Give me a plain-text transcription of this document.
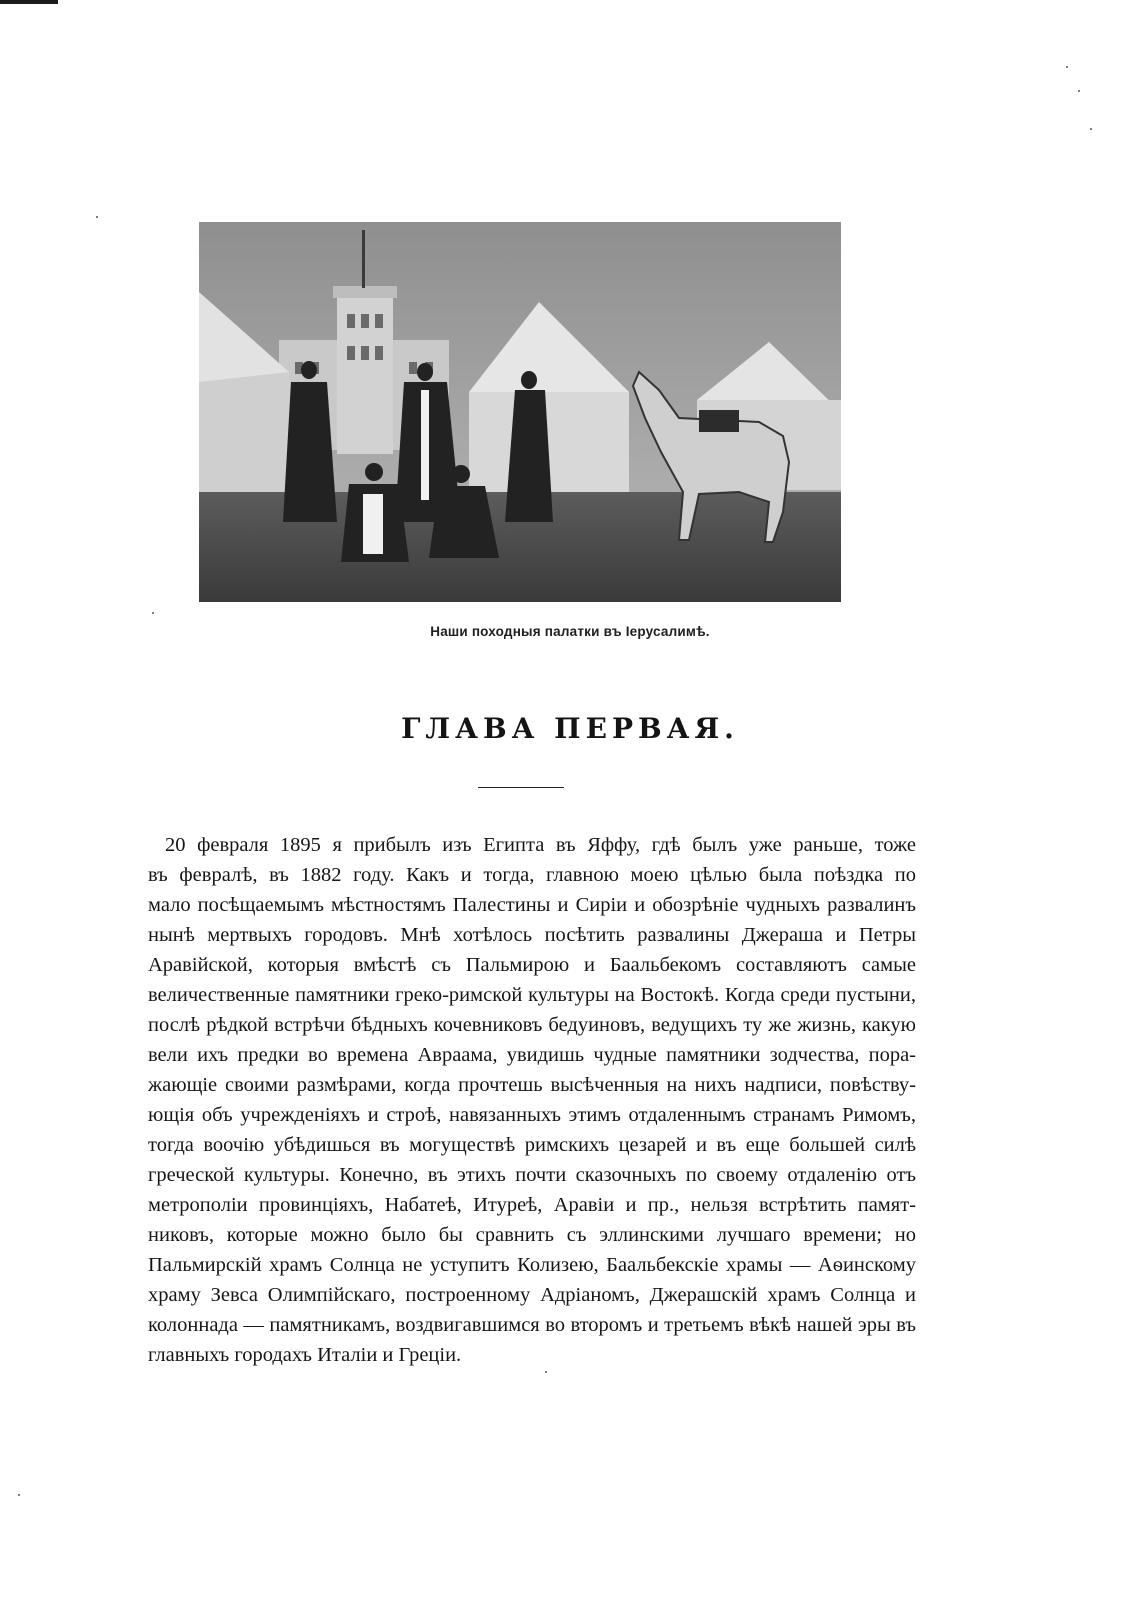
Наши походныя палатки въ Іерусалимѣ.
ГЛАВА ПЕРВАЯ.
20 февраля 1895 я прибылъ изъ Египта въ Яффу, гдѣ былъ уже раньше, тоже
въ февралѣ, въ 1882 году. Какъ и тогда, главною моею цѣлью была поѣздка по
мало посѣщаемымъ мѣстностямъ Палестины и Сиріи и обозрѣніе чудныхъ развалинъ
нынѣ мертвыхъ городовъ. Мнѣ хотѣлось посѣтить развалины Джераша и Петры
Аравійской, которыя вмѣстѣ съ Пальмирою и Баальбекомъ составляютъ самые
величественные памятники греко-римской культуры на Востокѣ. Когда среди пустыни,
послѣ рѣдкой встрѣчи бѣдныхъ кочевниковъ бедуиновъ, ведущихъ ту же жизнь, какую
вели ихъ предки во времена Авраама, увидишь чудные памятники зодчества, пора-
жающіе своими размѣрами, когда прочтешь высѣченныя на нихъ надписи, повѣству-
ющія объ учрежденіяхъ и строѣ, навязанныхъ этимъ отдаленнымъ странамъ Римомъ,
тогда воочію убѣдишься въ могуществѣ римскихъ цезарей и въ еще большей силѣ
греческой культуры. Конечно, въ этихъ почти сказочныхъ по своему отдаленію отъ
метрополіи провинціяхъ, Набатеѣ, Итуреѣ, Аравіи и пр., нельзя встрѣтить памят-
никовъ, которые можно было бы сравнить съ эллинскими лучшаго времени; но
Пальмирскій храмъ Солнца не уступитъ Колизею, Баальбекскіе храмы — Аѳинскому
храму Зевса Олимпійскаго, построенному Адріаномъ, Джерашскій храмъ Солнца и
колоннада — памятникамъ, воздвигавшимся во второмъ и третьемъ вѣкѣ нашей эры въ
главныхъ городахъ Италіи и Греціи.
